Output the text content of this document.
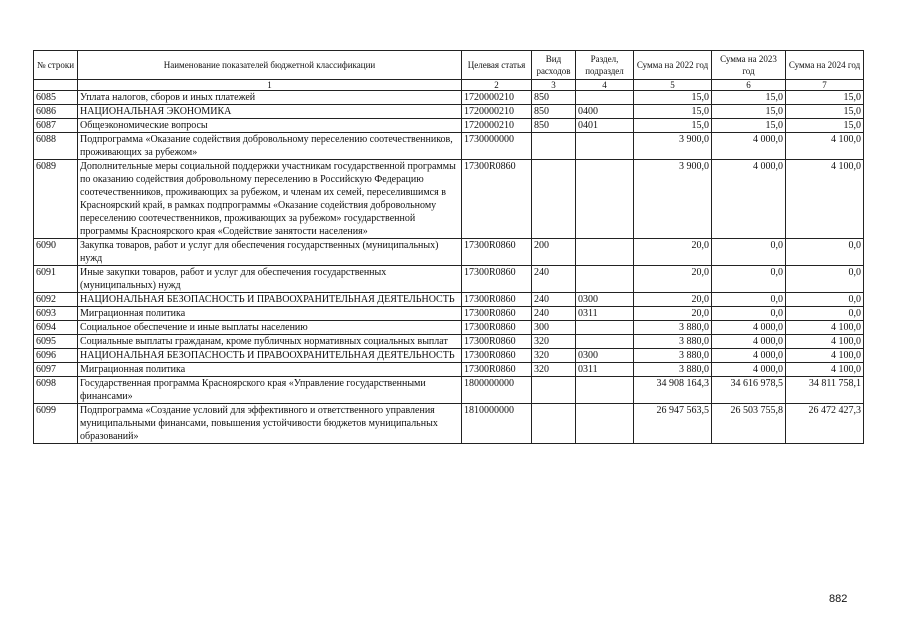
№ строки	Наименование показателей бюджетной классификации	Целевая статья	Вид расходов	Раздел, подраздел	Сумма на 2022 год	Сумма на 2023 год	Сумма на 2024 год
	1	2	3	4	5	6	7
6085	Уплата налогов, сборов и иных платежей	1720000210	850		15,0	15,0	15,0
6086	НАЦИОНАЛЬНАЯ ЭКОНОМИКА	1720000210	850	0400	15,0	15,0	15,0
6087	Общеэкономические вопросы	1720000210	850	0401	15,0	15,0	15,0
6088	Подпрограмма «Оказание содействия добровольному переселению соотечественников, проживающих за рубежом»	1730000000			3 900,0	4 000,0	4 100,0
6089	Дополнительные меры социальной поддержки участникам государственной программы по оказанию содействия добровольному переселению в Российскую Федерацию соотечественников, проживающих за рубежом, и членам их семей, переселившимся в Красноярский край, в рамках подпрограммы «Оказание содействия добровольному переселению соотечественников, проживающих за рубежом» государственной программы Красноярского края «Содействие занятости населения»	17300R0860			3 900,0	4 000,0	4 100,0
6090	Закупка товаров, работ и услуг для обеспечения государственных (муниципальных) нужд	17300R0860	200		20,0	0,0	0,0
6091	Иные закупки товаров, работ и услуг для обеспечения государственных (муниципальных) нужд	17300R0860	240		20,0	0,0	0,0
6092	НАЦИОНАЛЬНАЯ БЕЗОПАСНОСТЬ И ПРАВООХРАНИТЕЛЬНАЯ ДЕЯТЕЛЬНОСТЬ	17300R0860	240	0300	20,0	0,0	0,0
6093	Миграционная политика	17300R0860	240	0311	20,0	0,0	0,0
6094	Социальное обеспечение и иные выплаты населению	17300R0860	300		3 880,0	4 000,0	4 100,0
6095	Социальные выплаты гражданам, кроме публичных нормативных социальных выплат	17300R0860	320		3 880,0	4 000,0	4 100,0
6096	НАЦИОНАЛЬНАЯ БЕЗОПАСНОСТЬ И ПРАВООХРАНИТЕЛЬНАЯ ДЕЯТЕЛЬНОСТЬ	17300R0860	320	0300	3 880,0	4 000,0	4 100,0
6097	Миграционная политика	17300R0860	320	0311	3 880,0	4 000,0	4 100,0
6098	Государственная программа Красноярского края «Управление государственными финансами»	1800000000			34 908 164,3	34 616 978,5	34 811 758,1
6099	Подпрограмма «Создание условий для эффективного и ответственного управления муниципальными финансами, повышения устойчивости бюджетов муниципальных образований»	1810000000			26 947 563,5	26 503 755,8	26 472 427,3
882
